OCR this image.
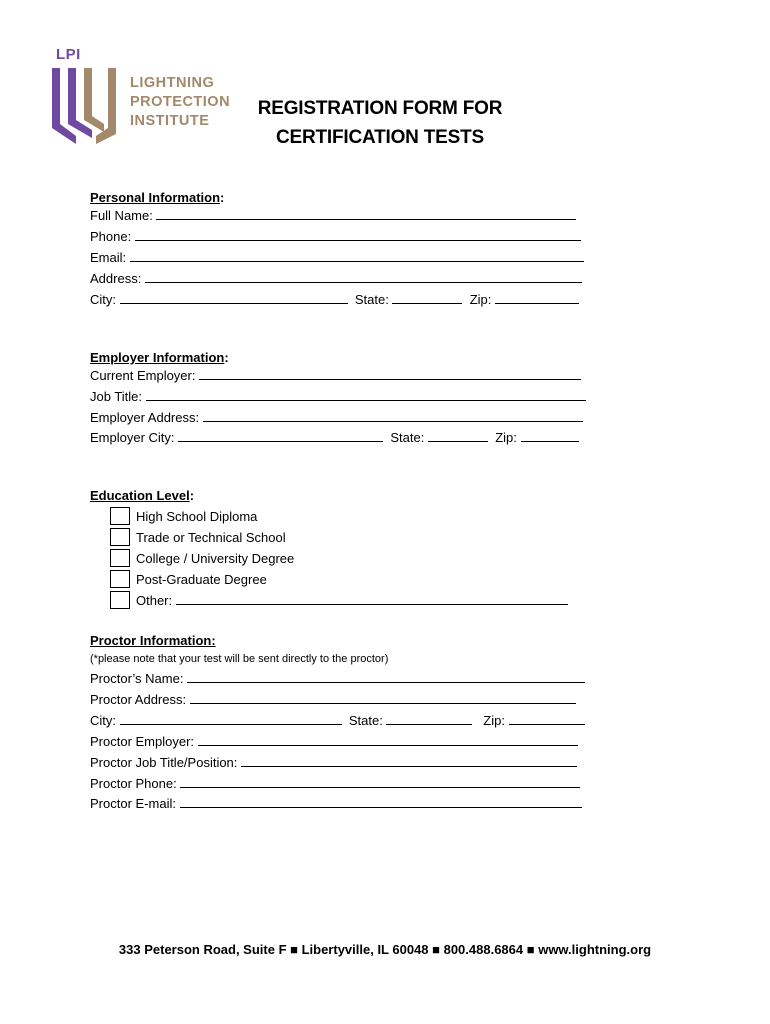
LPI
LIGHTNING
PROTECTION
INSTITUTE
REGISTRATION FORM FOR
CERTIFICATION TESTS
Personal Information:
Full Name:
Phone:
Email:
Address:
City:	State:	Zip:
Employer Information:
Current Employer:
Job Title:
Employer Address:
Employer City:	State:	Zip:
Education Level:
High School Diploma
Trade or Technical School
College / University Degree
Post-Graduate Degree
Other:
Proctor Information:
(*please note that your test will be sent directly to the proctor)
Proctor’s Name:
Proctor Address:
City:	State:	Zip:
Proctor Employer:
Proctor Job Title/Position:
Proctor Phone:
Proctor E-mail:
333 Peterson Road, Suite F ■ Libertyville, IL 60048 ■ 800.488.6864 ■ www.lightning.org
